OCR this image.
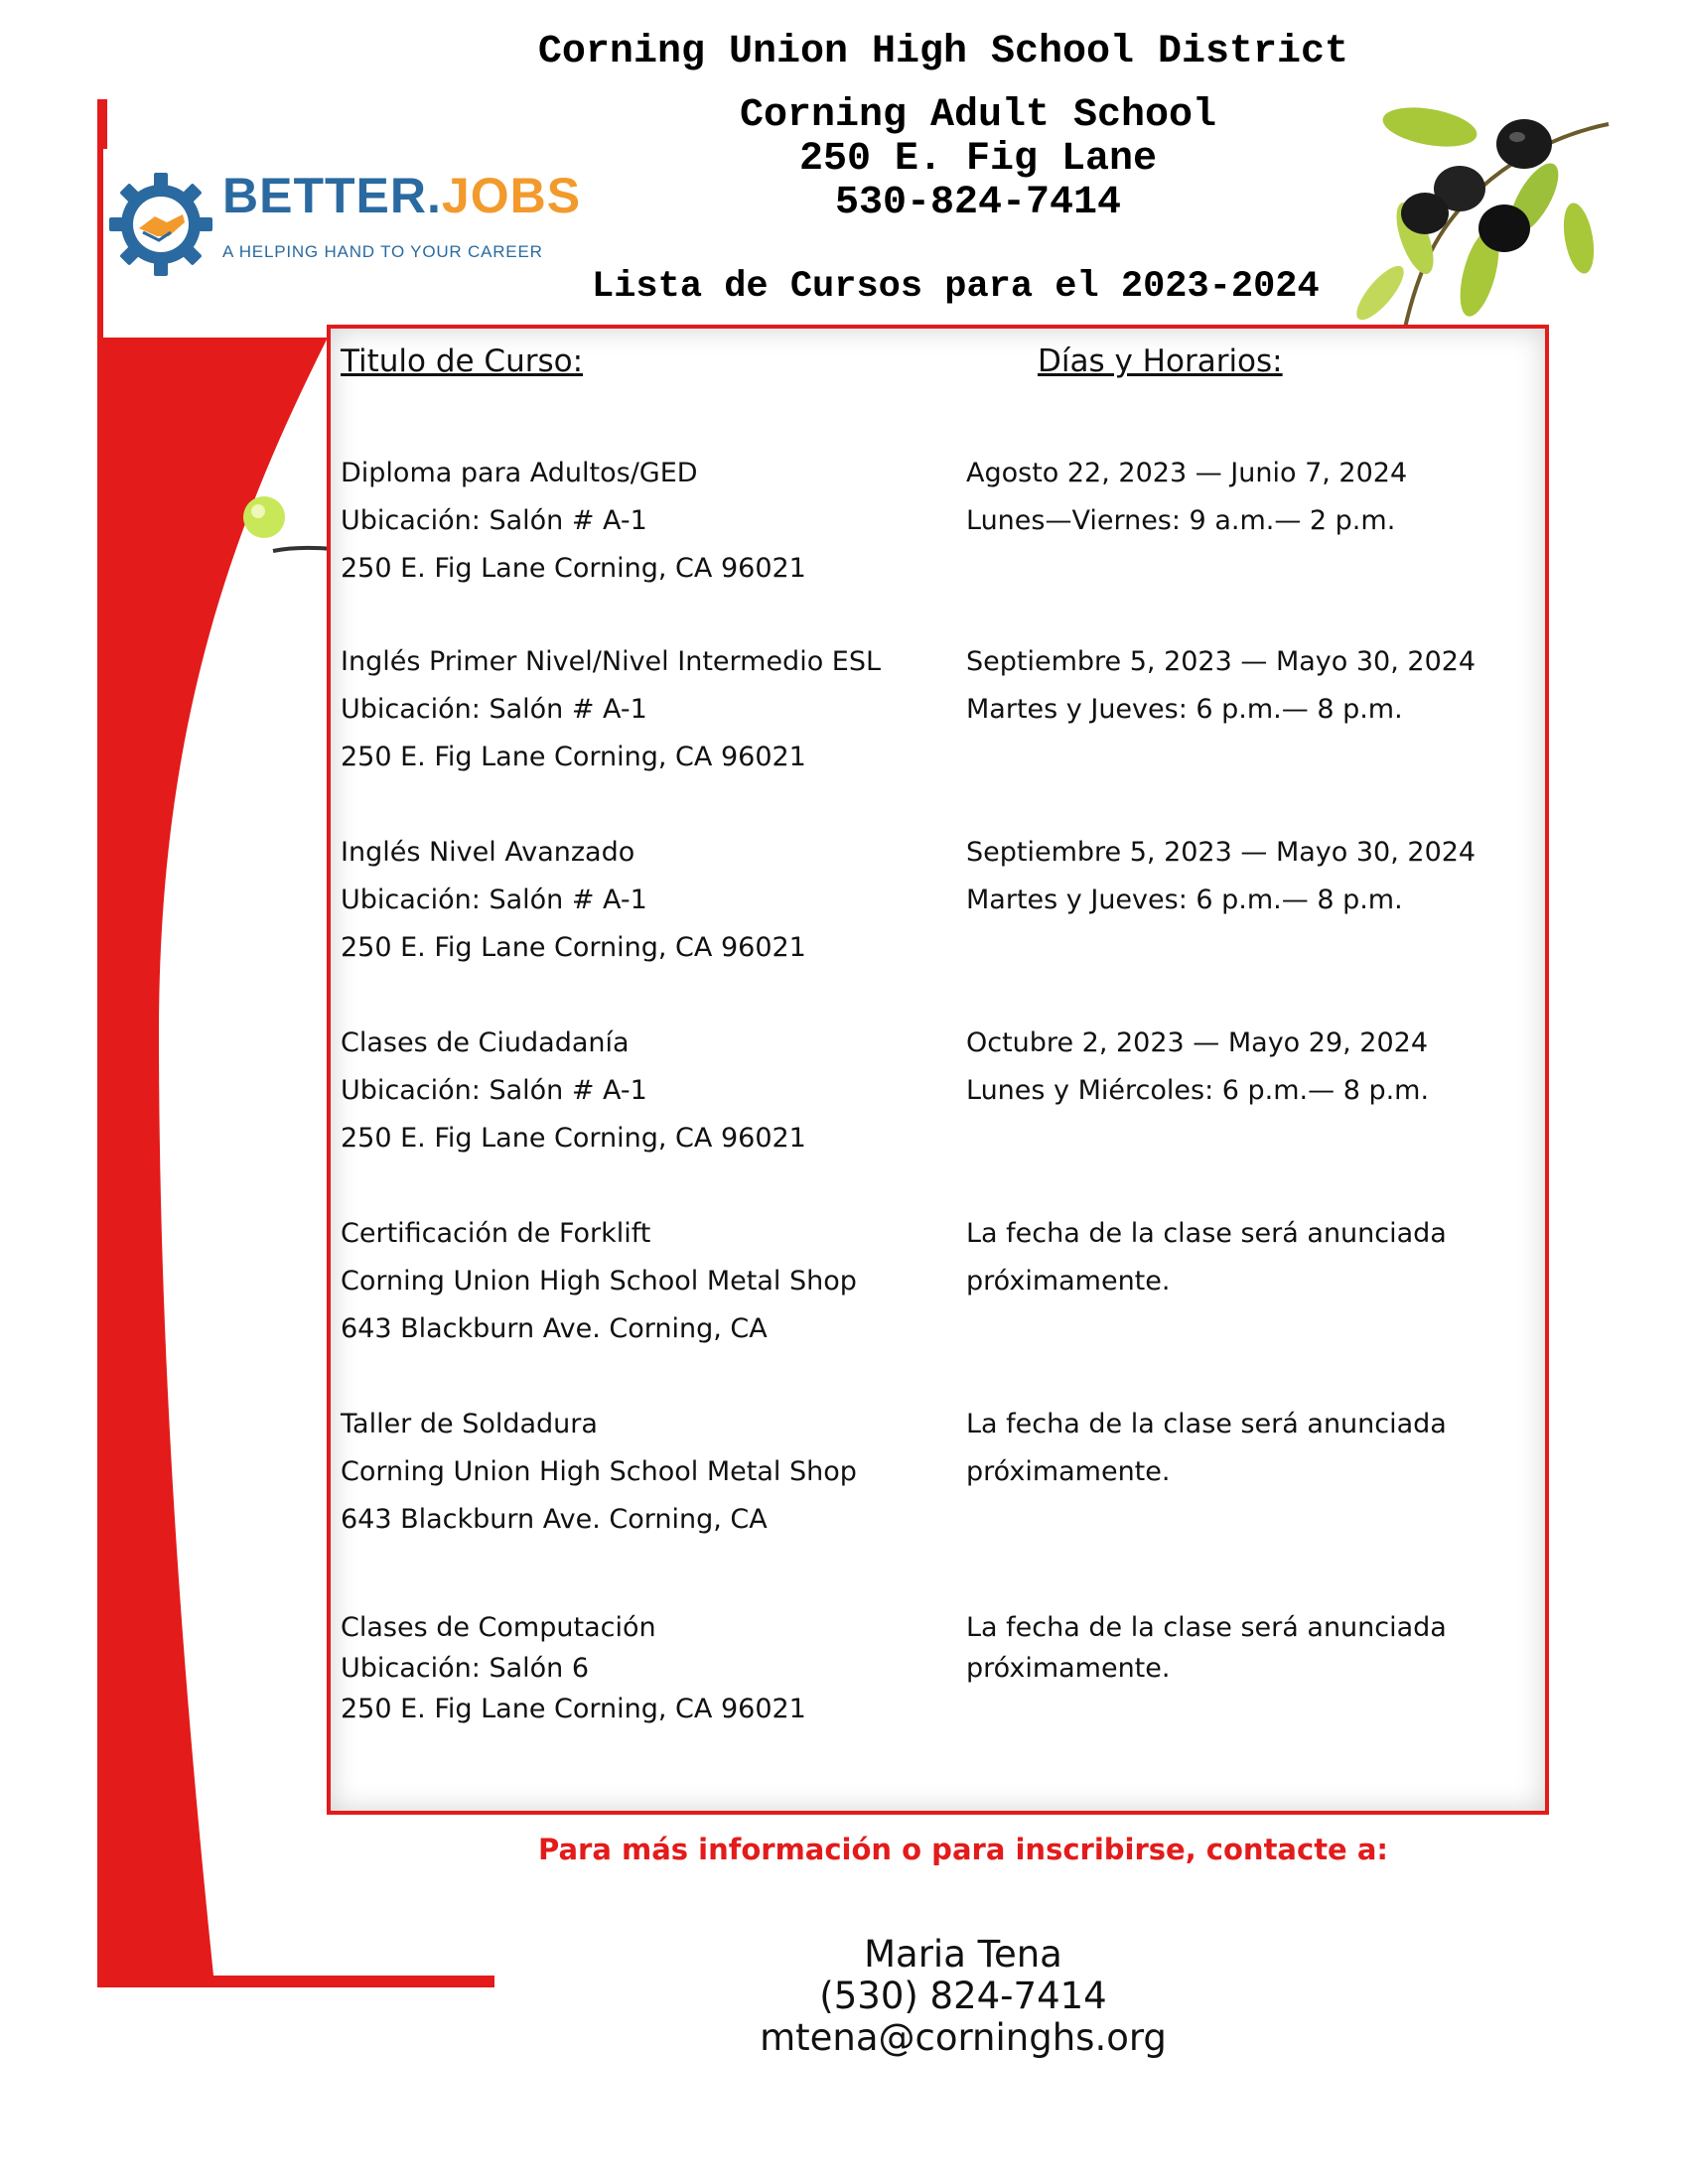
Corning Union High School District
Corning Adult School
250 E. Fig Lane
530-824-7414
BETTER.JOBS
A HELPING HAND TO YOUR CAREER
Lista de Cursos para el 2023-2024
Titulo de Curso:	Días y Horarios:
Diploma para Adultos/GED
Ubicación: Salón # A-1
250 E. Fig Lane Corning, CA 96021
Agosto 22, 2023 — Junio 7, 2024
Lunes—Viernes: 9 a.m.— 2 p.m.
Inglés Primer Nivel/Nivel Intermedio ESL
Ubicación: Salón # A-1
250 E. Fig Lane Corning, CA 96021
Septiembre 5, 2023 — Mayo 30, 2024
Martes y Jueves: 6 p.m.— 8 p.m.
Inglés Nivel Avanzado
Ubicación: Salón # A-1
250 E. Fig Lane Corning, CA 96021
Septiembre 5, 2023 — Mayo 30, 2024
Martes y Jueves: 6 p.m.— 8 p.m.
Clases de Ciudadanía
Ubicación: Salón # A-1
250 E. Fig Lane Corning, CA 96021
Octubre 2, 2023 — Mayo 29, 2024
Lunes y Miércoles: 6 p.m.— 8 p.m.
Certificación de Forklift
Corning Union High School Metal Shop
643 Blackburn Ave. Corning, CA
La fecha de la clase será anunciada
próximamente.
Taller de Soldadura
Corning Union High School Metal Shop
643 Blackburn Ave. Corning, CA
La fecha de la clase será anunciada
próximamente.
Clases de Computación
Ubicación: Salón 6
250 E. Fig Lane Corning, CA 96021
La fecha de la clase será anunciada
próximamente.
Para más información o para inscribirse, contacte a:
Maria Tena
(530) 824-7414
mtena@corninghs.org
